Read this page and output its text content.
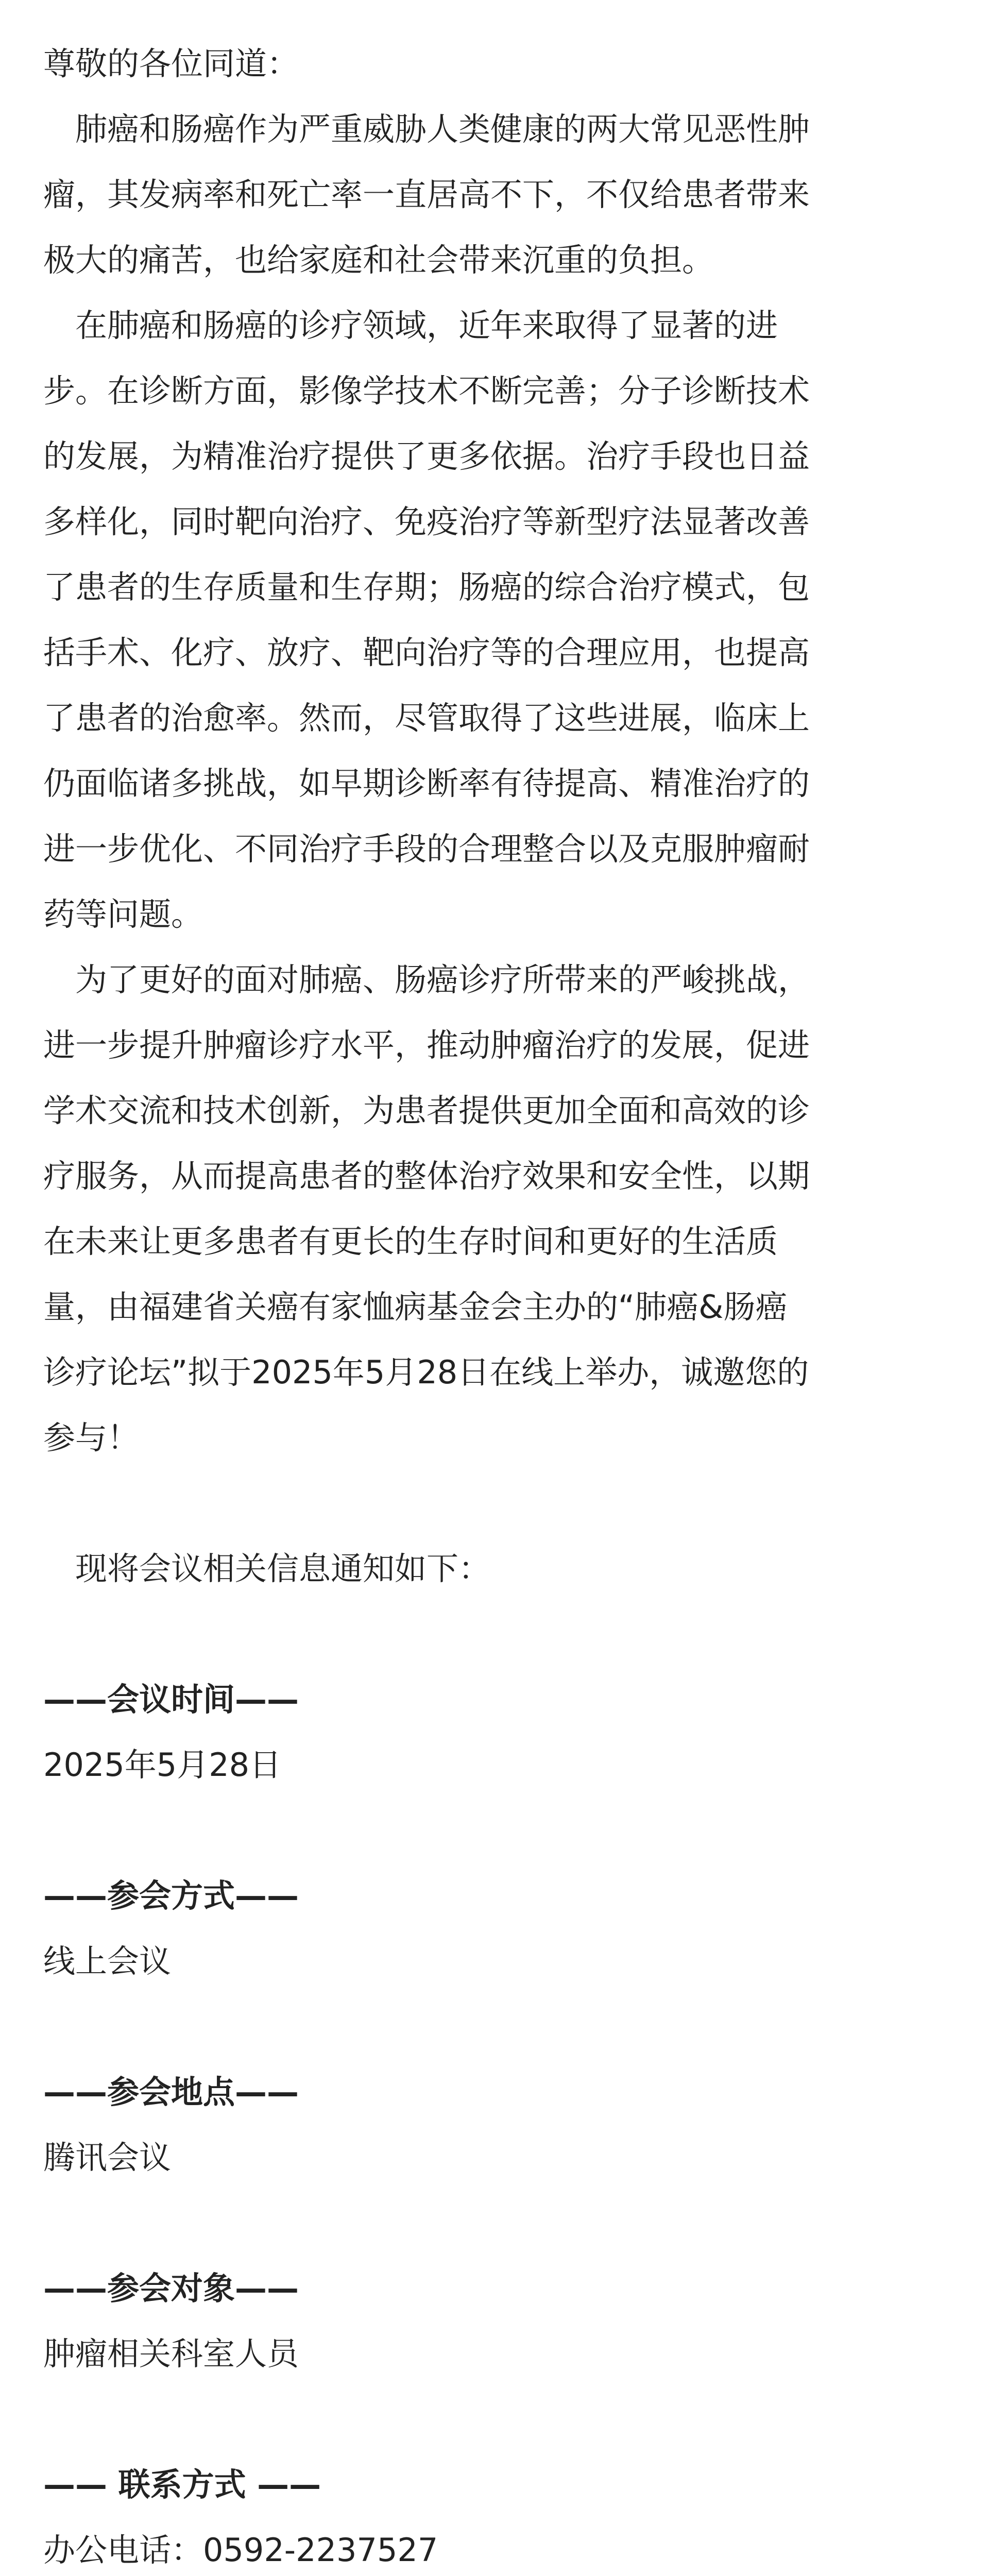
尊敬的各位同道：
肺癌和肠癌作为严重威胁人类健康的两大常见恶性肿
瘤，其发病率和死亡率一直居高不下，不仅给患者带来
极大的痛苦，也给家庭和社会带来沉重的负担。
在肺癌和肠癌的诊疗领域，近年来取得了显著的进
步。在诊断方面，影像学技术不断完善；分子诊断技术
的发展，为精准治疗提供了更多依据。治疗手段也日益
多样化，同时靶向治疗、免疫治疗等新型疗法显著改善
了患者的生存质量和生存期；肠癌的综合治疗模式，包
括手术、化疗、放疗、靶向治疗等的合理应用，也提高
了患者的治愈率。然而，尽管取得了这些进展，临床上
仍面临诸多挑战，如早期诊断率有待提高、精准治疗的
进一步优化、不同治疗手段的合理整合以及克服肿瘤耐
药等问题。
为了更好的面对肺癌、肠癌诊疗所带来的严峻挑战，
进一步提升肿瘤诊疗水平，推动肿瘤治疗的发展，促进
学术交流和技术创新，为患者提供更加全面和高效的诊
疗服务，从而提高患者的整体治疗效果和安全性，以期
在未来让更多患者有更长的生存时间和更好的生活质
量，由福建省关癌有家恤病基金会主办的“肺癌&肠癌
诊疗论坛”拟于2025年5月28日在线上举办，诚邀您的
参与！
现将会议相关信息通知如下：
——会议时间——
2025年5月28日
——参会方式——
线上会议
——参会地点——
腾讯会议
——参会对象——
肿瘤相关科室人员
—— 联系方式 ——
办公电话：0592-2237527
